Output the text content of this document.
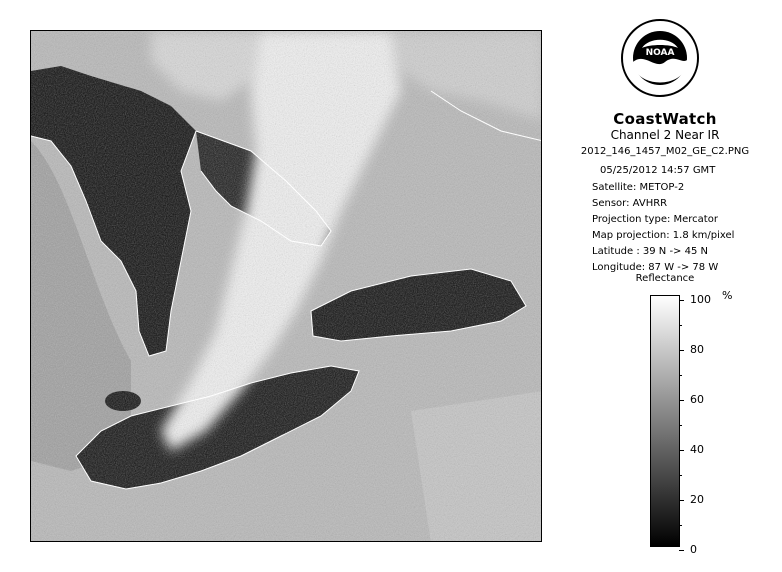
NOAA
CoastWatch
Channel 2 Near IR
2012_146_1457_M02_GE_C2.PNG
05/25/2012 14:57 GMT
Satellite: METOP-2
Sensor: AVHRR
Projection type: Mercator
Map projection: 1.8 km/pixel
Latitude : 39 N -> 45 N
Longitude: 87 W -> 78 W
Reflectance
%
100
80
60
40
20
0
